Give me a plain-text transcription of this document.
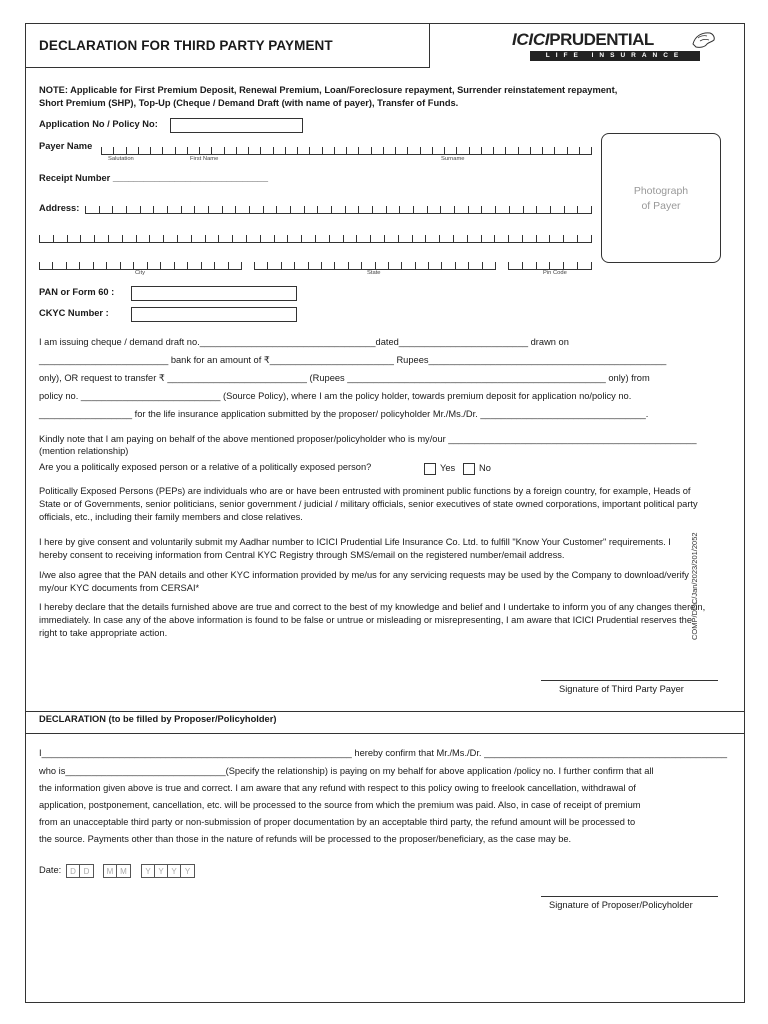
DECLARATION FOR THIRD PARTY PAYMENT	ICICIPRUDENTIAL
LIFE INSURANCE
NOTE: Applicable for First Premium Deposit, Renewal Premium, Loan/Foreclosure repayment, Surrender reinstatement repayment,
Short Premium (SHP), Top-Up (Cheque / Demand Draft (with name of payer), Transfer of Funds.
Application No / Policy No:
Payer Name
Salutation	First Name	Surname
Receipt Number ______________________________
Address:
City	State	Pin Code
Photograph
of Payer
PAN or Form 60 :
CKYC Number :
I am issuing cheque / demand draft no.__________________________________dated_________________________ drawn on
_________________________ bank for an amount of ₹________________________ Rupees______________________________________________
only), OR request to transfer ₹ ___________________________ (Rupees __________________________________________________ only) from
policy no. ___________________________ (Source Policy), where I am the policy holder, towards premium deposit for application no/policy no.
__________________ for the life insurance application submitted by the proposer/ policyholder Mr./Ms./Dr. ________________________________.
Kindly note that I am paying on behalf of the above mentioned proposer/policyholder who is my/our ________________________________________________
(mention relationship)
Are you a politically exposed person or a relative of a politically exposed person?	Yes	No
Politically Exposed Persons (PEPs) are individuals who are or have been entrusted with prominent public functions by a foreign country, for example, Heads of State or of Governments, senior politicians, senior government / judicial / military officials, senior executives of state owned corporations, important political party officials, etc., including their family members and close relatives.
I here by give consent and voluntarily submit my Aadhar number to ICICI Prudential Life Insurance Co. Ltd. to fulfill "Know Your Customer" requirements. I hereby consent to receiving information from Central KYC Registry through SMS/email on the registered number/email address.
I/we also agree that the PAN details and other KYC information provided by me/us for any servicing requests may be used by the Company to download/verify my/our KYC documents from CERSAI*
I hereby declare that the details furnished above are true and correct to the best of my knowledge and belief and I undertake to inform you of any changes therein, immediately. In case any of the above information is found to be false or untrue or misleading or misrepresenting, I am aware that ICICI Prudential reserves the right to take appropriate action.	COMP/DOC/Jan/2023/201/2052
Signature of Third Party Payer
DECLARATION (to be filled by Proposer/Policyholder)
I____________________________________________________________ hereby confirm that Mr./Ms./Dr. _______________________________________________
who is_______________________________(Specify the relationship) is paying on my behalf for above application /policy no. I further confirm that all
the information given above is true and correct. I am aware that any refund with respect to this policy owing to freelook cancellation, withdrawal of
application, postponement, cancellation, etc. will be processed to the source from which the premium was paid. Also, in case of receipt of premium
from an unacceptable third party or non-submission of proper documentation by an acceptable third party, the refund amount will be processed to
the source. Payments other than those in the nature of refunds will be processed to the proposer/beneficiary, as the case may be.
Date:	D D	M M	Y Y Y	Y
Signature of Proposer/Policyholder
